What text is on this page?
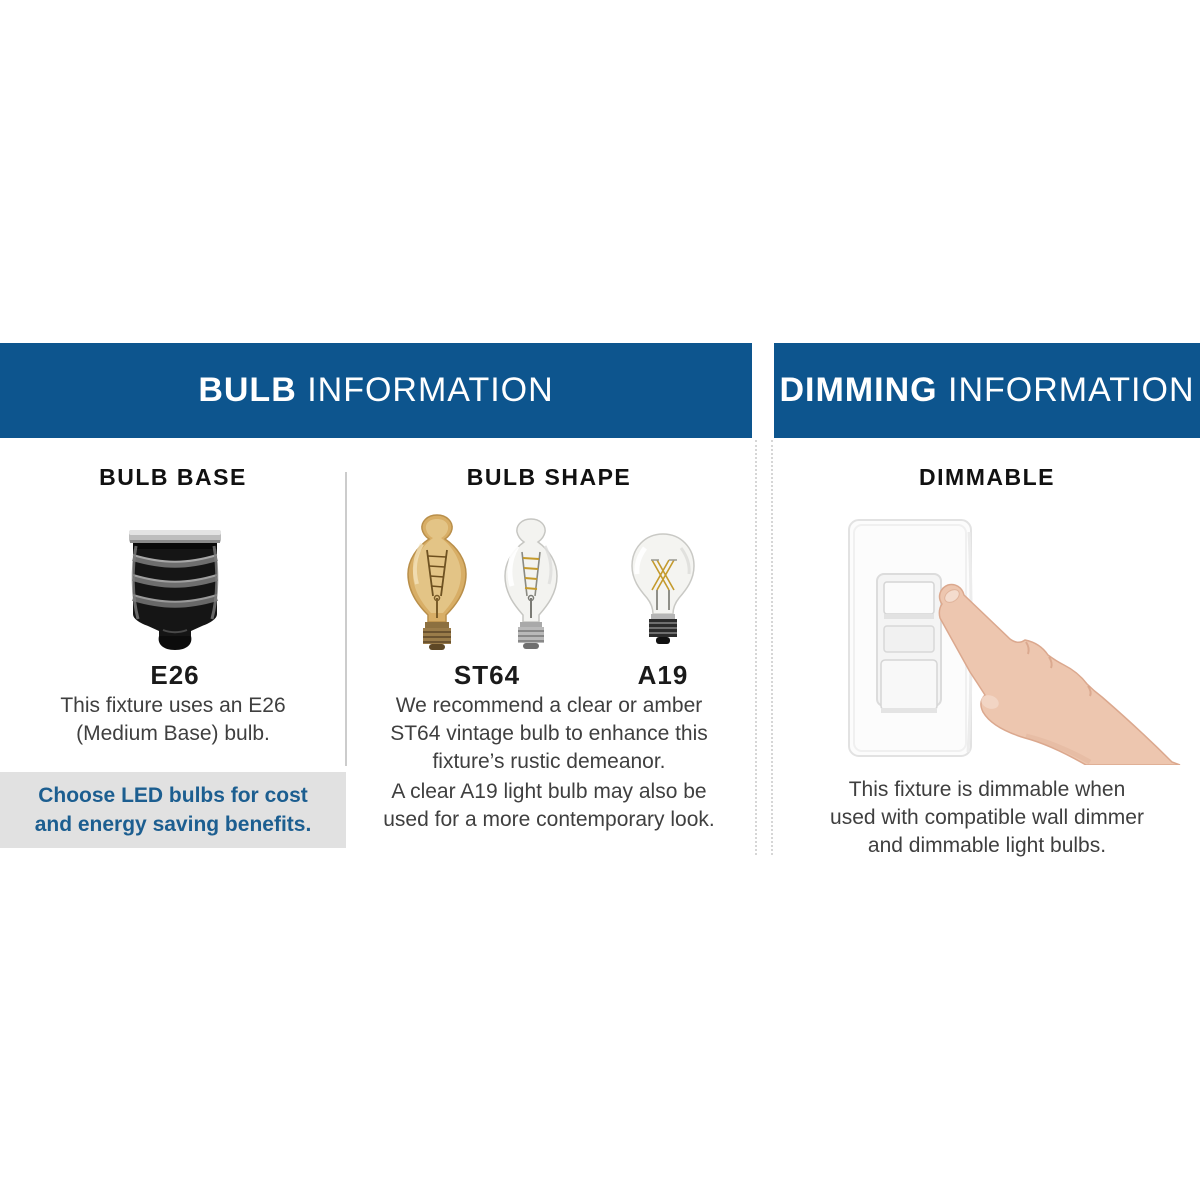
BULB
INFORMATION	DIMMING
INFORMATION
BULB BASE	BULB SHAPE	DIMMABLE
E26	ST64	A19
This fixture uses an E26
(Medium Base) bulb.
We recommend a clear or amber
ST64 vintage bulb to enhance this
fixture’s rustic demeanor.
A clear A19 light bulb may also be
used for a more contemporary look.
This fixture is dimmable when
used with compatible wall dimmer
and dimmable light bulbs.
Choose LED bulbs for cost
and energy saving benefits.
